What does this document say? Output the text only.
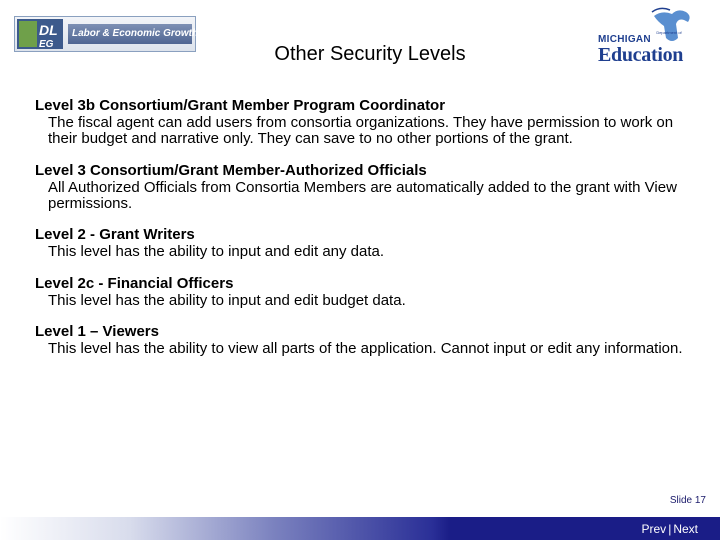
DL
EG
Labor & Economic Growth
MICHIGAN
Department of
Education
Other Security Levels
Level 3b Consortium/Grant Member Program Coordinator
The fiscal agent can add users from consortia organizations. They have permission to work on their budget and narrative only. They can save to no other portions of the grant.
Level 3 Consortium/Grant Member-Authorized Officials
All Authorized Officials from Consortia Members are automatically added to the grant with View permissions.
Level 2 - Grant Writers
This level has the ability to input and edit any data.
Level 2c - Financial Officers
This level has the ability to input and edit budget data.
Level 1 – Viewers
This level has the ability to view all parts of the application. Cannot input or edit any information.
Slide 17
Prev | Next
